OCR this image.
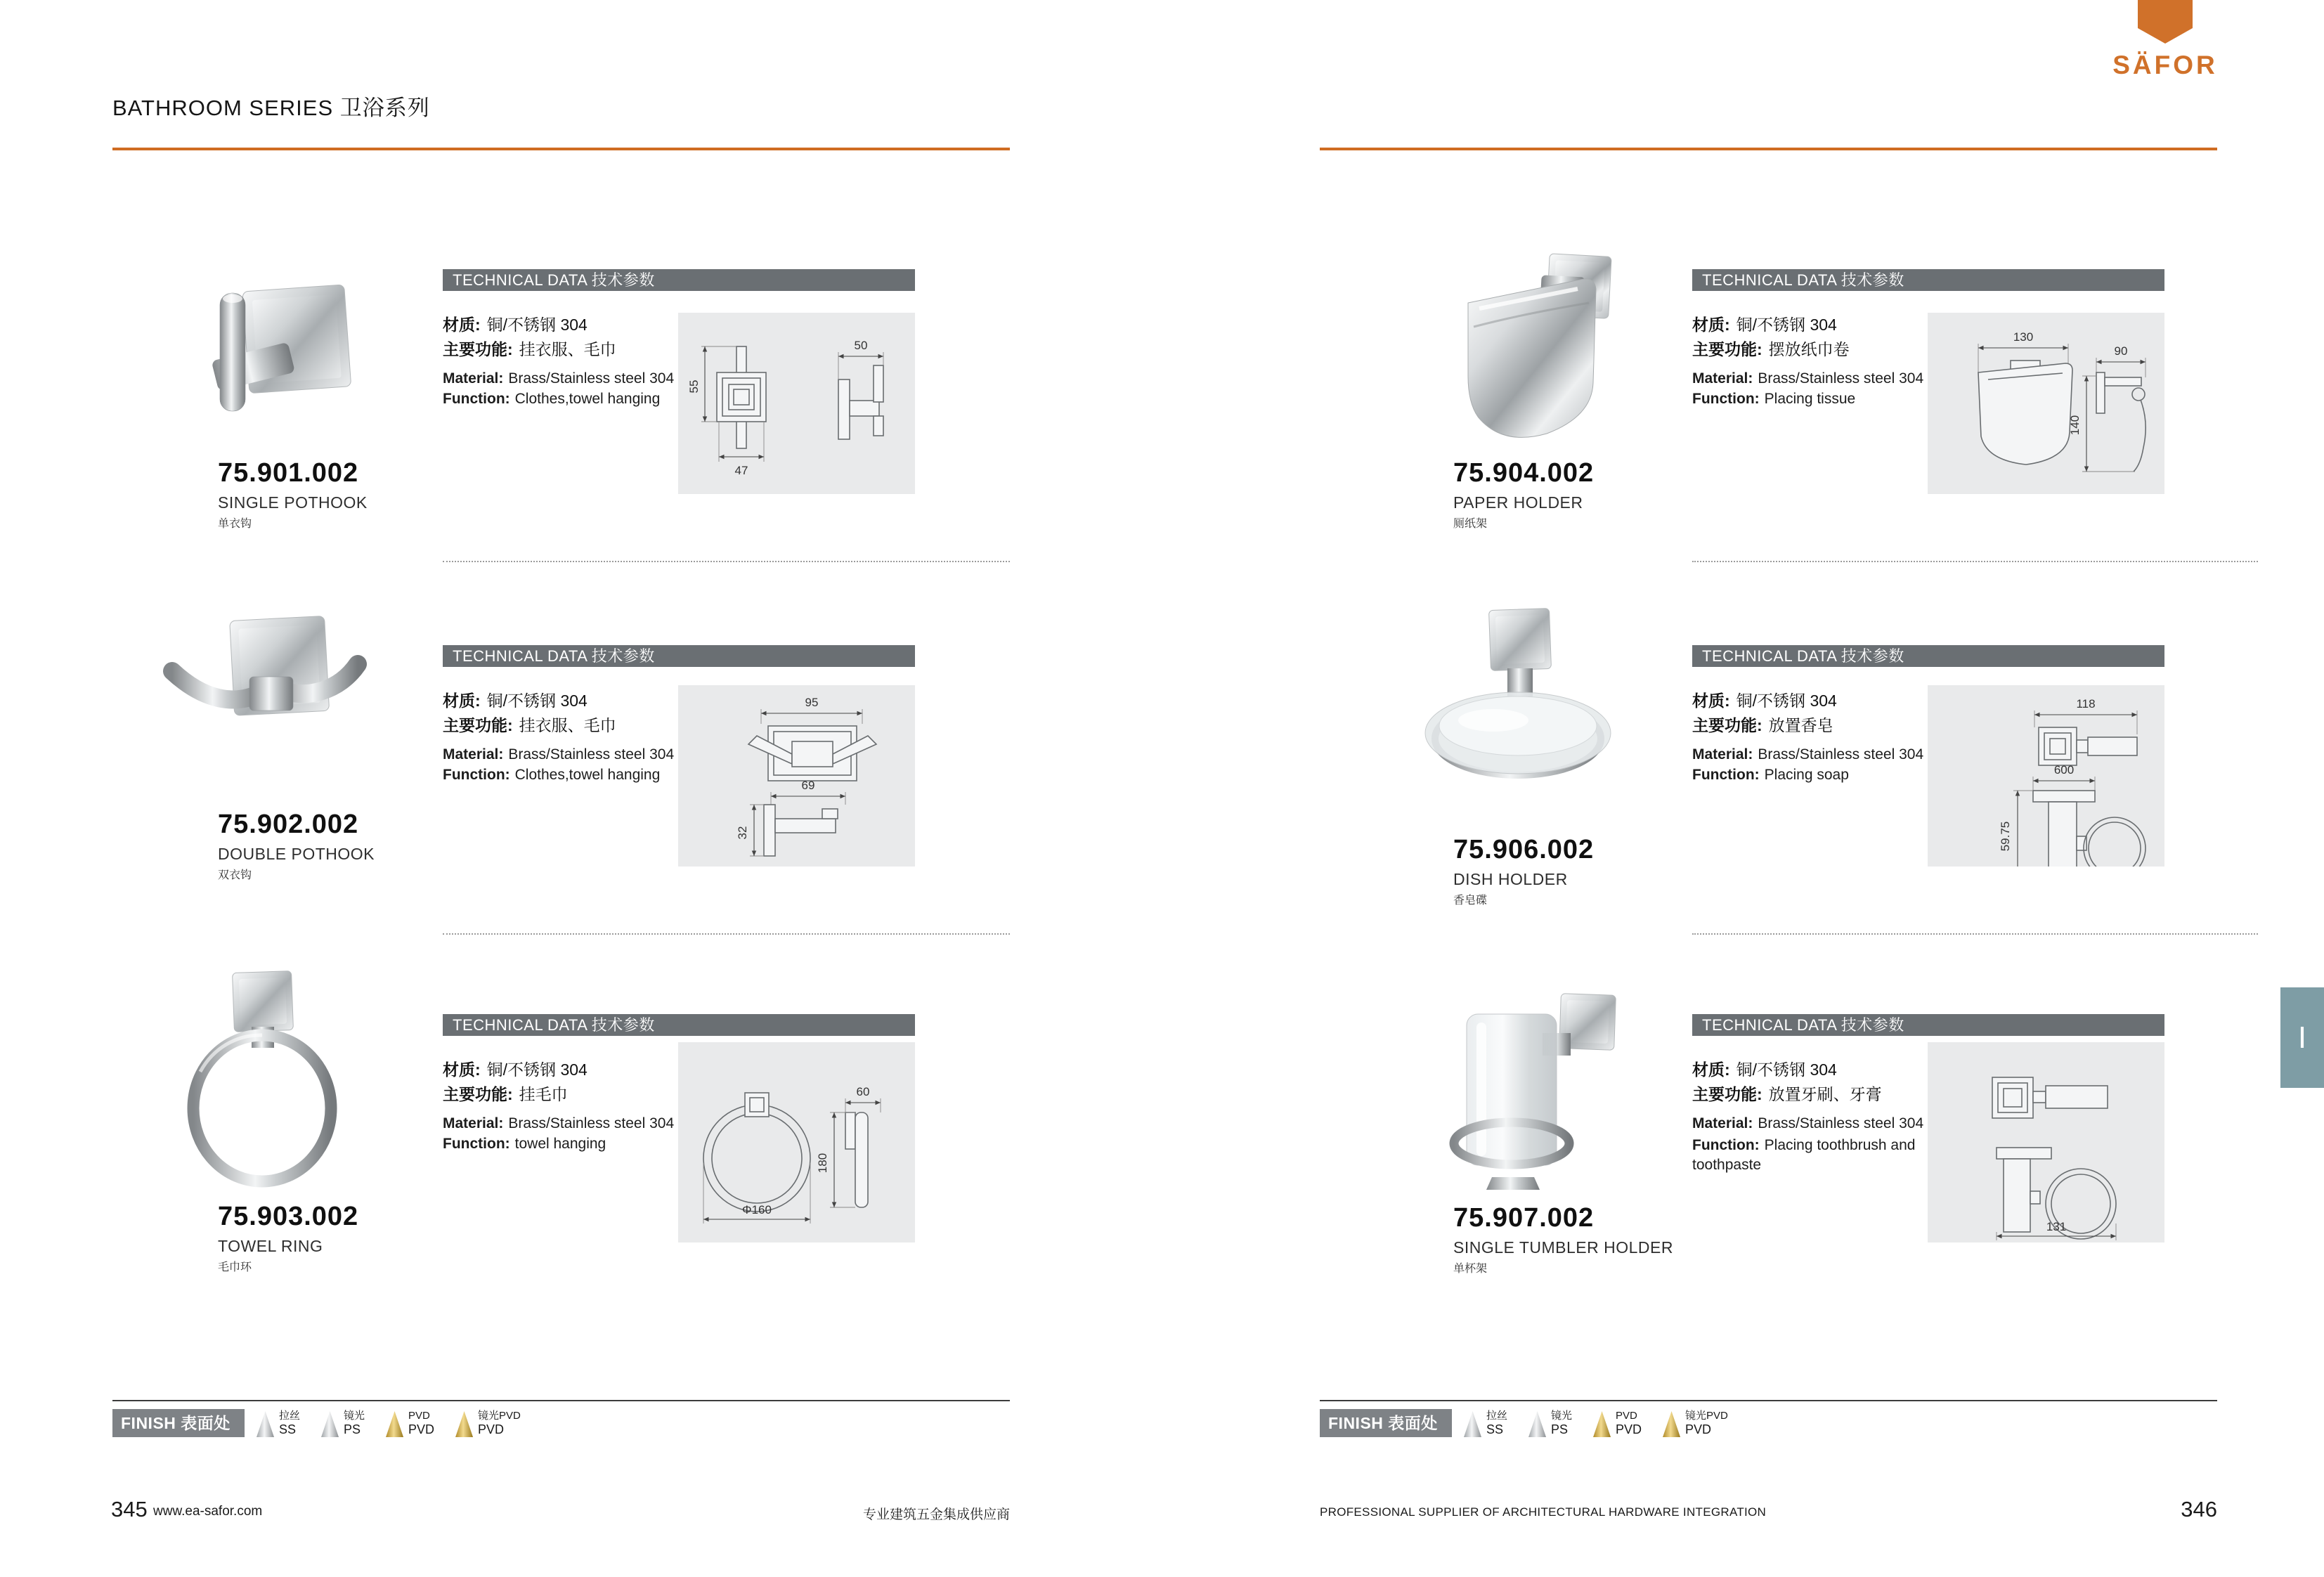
BATHROOM SERIES 卫浴系列
SÄFOR
I
75.901.002
SINGLE POTHOOK
单衣钩
TECHNICAL DATA 技术参数
材质: 铜/不锈钢 304
主要功能: 挂衣服、毛巾
Material: Brass/Stainless steel 304
Function: Clothes,towel hanging
55
47
50
75.902.002
DOUBLE POTHOOK
双衣钩
TECHNICAL DATA 技术参数
材质: 铜/不锈钢 304
主要功能: 挂衣服、毛巾
Material: Brass/Stainless steel 304
Function: Clothes,towel hanging
95
69
32
75.903.002
TOWEL RING
毛巾环
TECHNICAL DATA 技术参数
材质: 铜/不锈钢 304
主要功能: 挂毛巾
Material: Brass/Stainless steel 304
Function: towel hanging
Φ160
60
180
FINISH 表面处理:
拉丝
SS
镜光
PS
PVD
PVD
镜光PVD
PVD
345 www.ea-safor.com	专业建筑五金集成供应商
75.904.002
PAPER HOLDER
厕纸架
TECHNICAL DATA 技术参数
材质: 铜/不锈钢 304
主要功能: 摆放纸巾卷
Material: Brass/Stainless steel 304
Function: Placing tissue
130
90
140
75.906.002
DISH HOLDER
香皂碟
TECHNICAL DATA 技术参数
材质: 铜/不锈钢 304
主要功能: 放置香皂
Material: Brass/Stainless steel 304
Function: Placing soap
118
600
59.75
75.907.002
SINGLE TUMBLER HOLDER
单杯架
TECHNICAL DATA 技术参数
材质: 铜/不锈钢 304
主要功能: 放置牙刷、牙膏
Material: Brass/Stainless steel 304
Function: Placing toothbrush and toothpaste
131
FINISH 表面处理:
拉丝
SS
镜光
PS
PVD
PVD
镜光PVD
PVD
PROFESSIONAL SUPPLIER OF ARCHITECTURAL HARDWARE INTEGRATION	346
